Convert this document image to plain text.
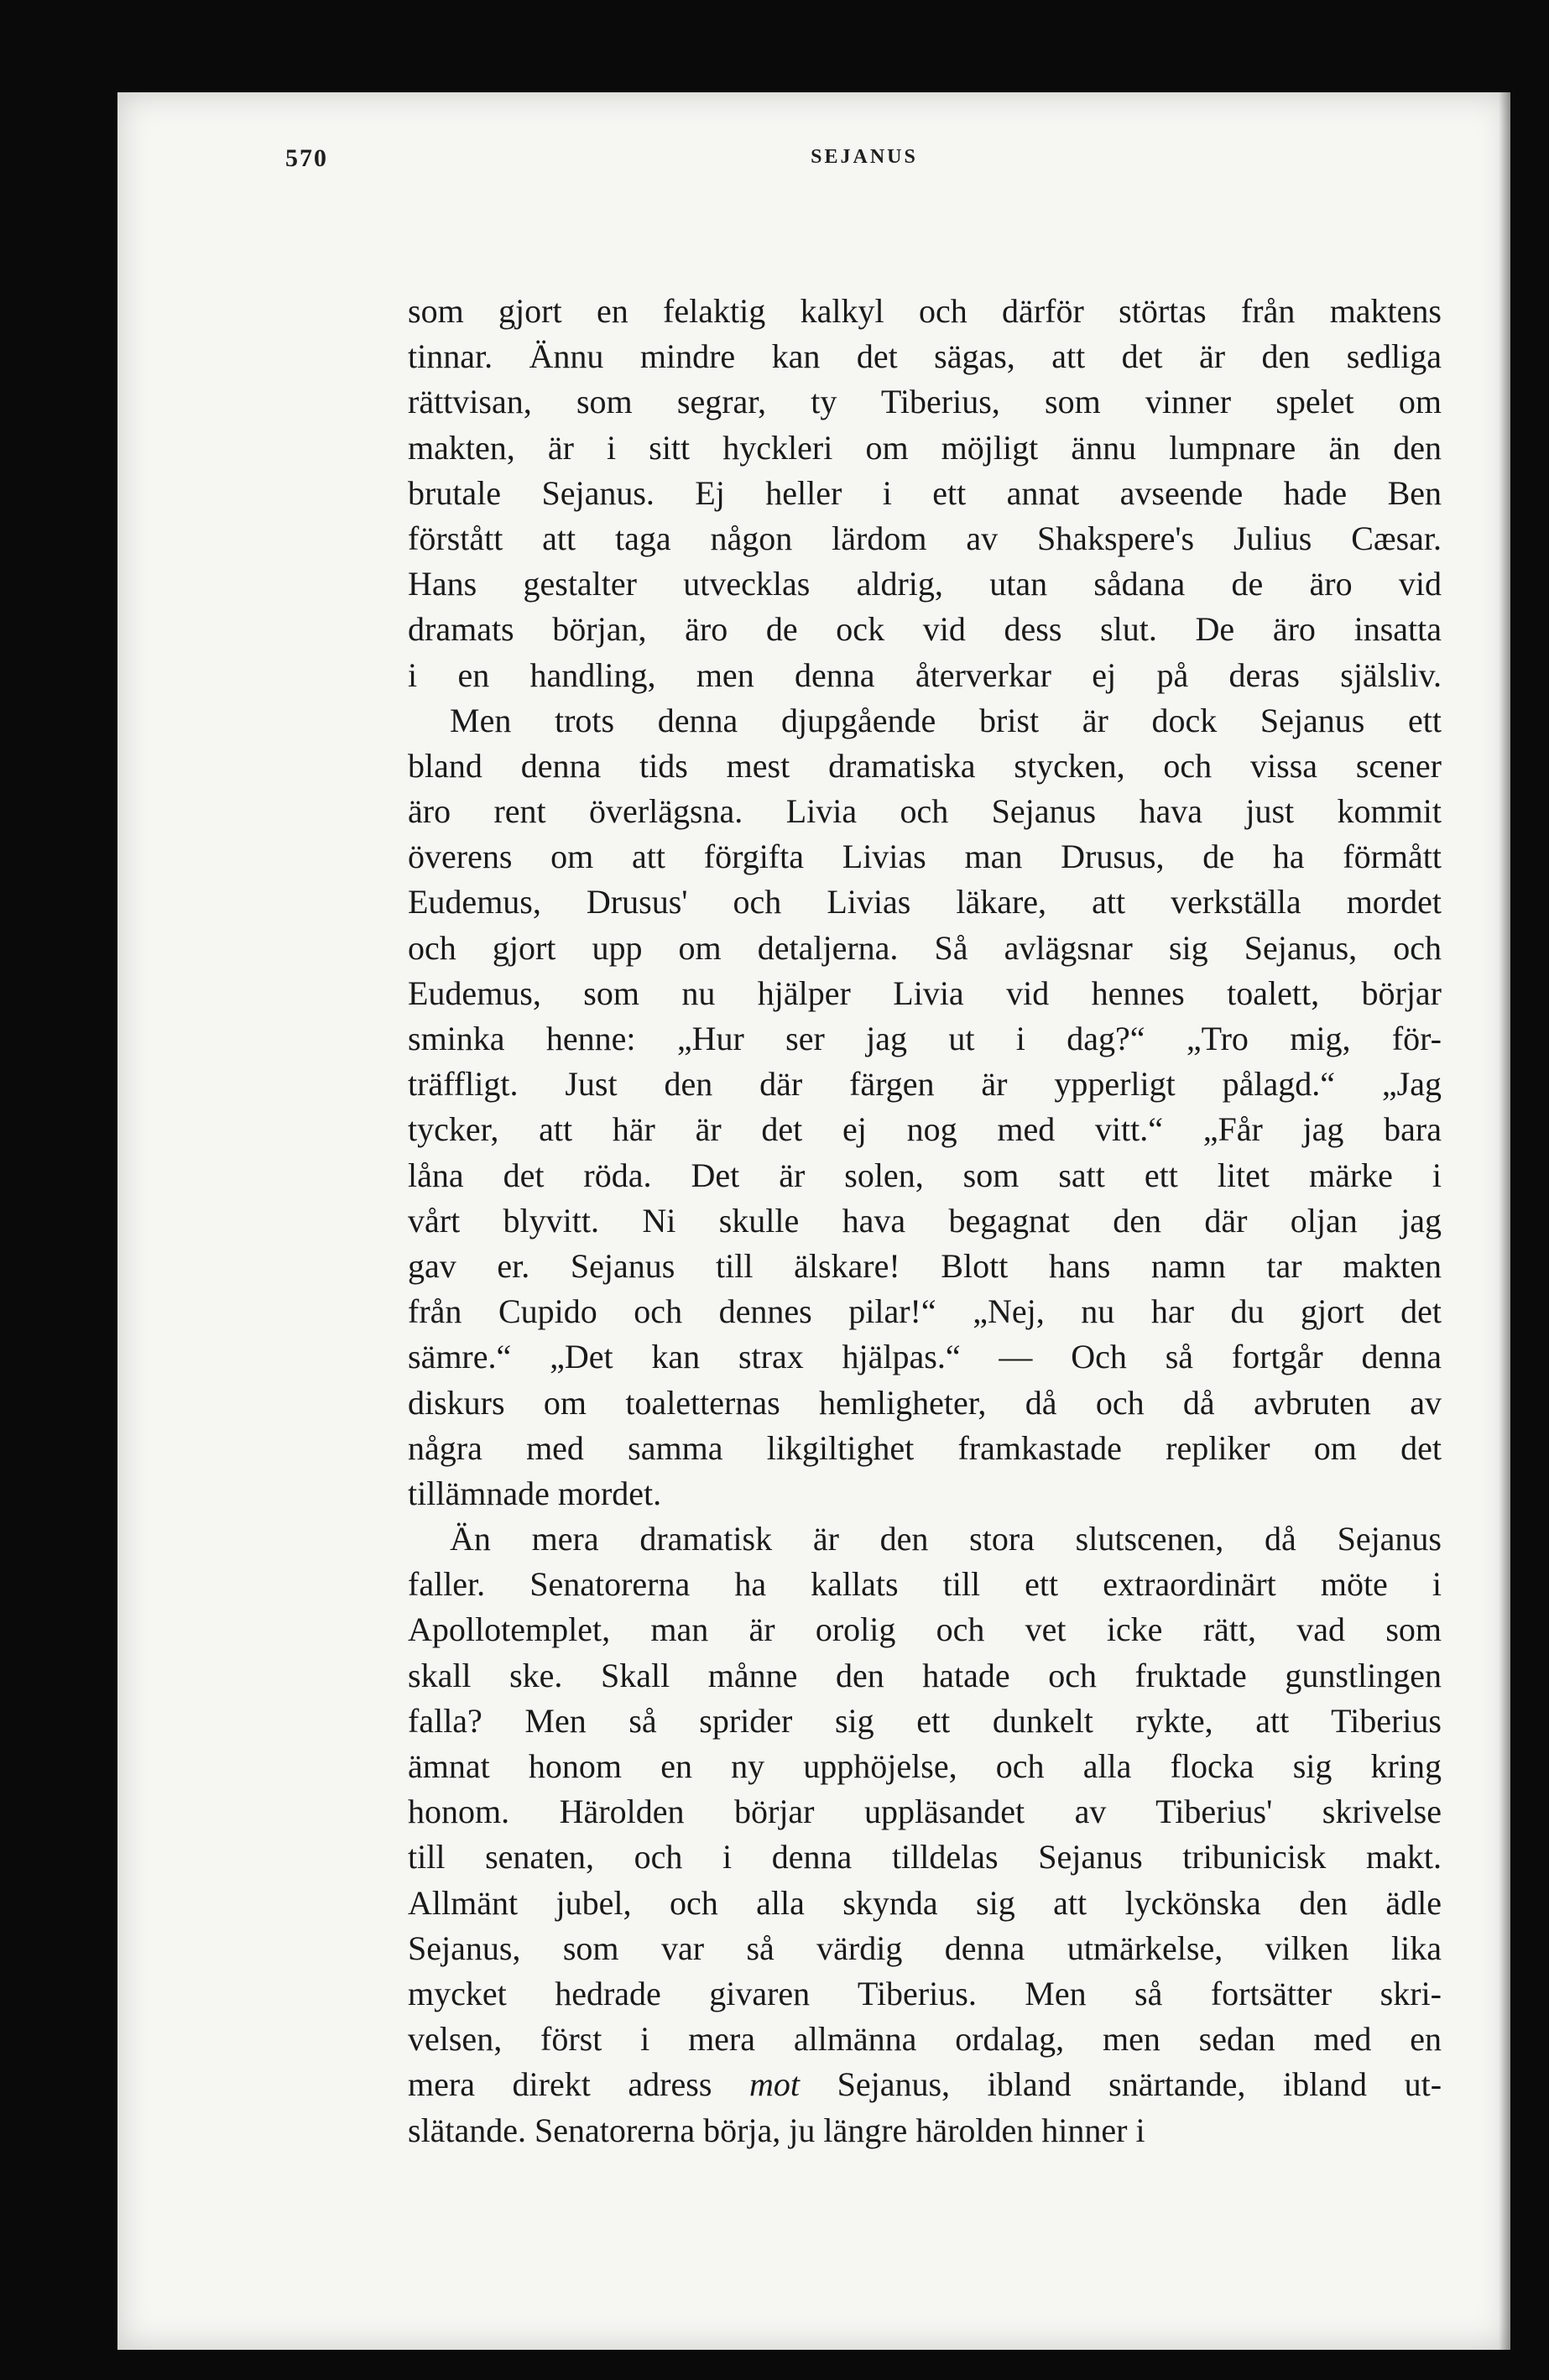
570	SEJANUS
som gjort en felaktig kalkyl och därför störtas från maktens
tinnar. Ännu mindre kan det sägas, att det är den sedliga
rättvisan, som segrar, ty Tiberius, som vinner spelet om
makten, är i sitt hyckleri om möjligt ännu lumpnare än den
brutale Sejanus. Ej heller i ett annat avseende hade Ben
förstått att taga någon lärdom av Shakspere's Julius Cæsar.
Hans gestalter utvecklas aldrig, utan sådana de äro vid
dramats början, äro de ock vid dess slut. De äro insatta
i en handling, men denna återverkar ej på deras själsliv.
Men trots denna djupgående brist är dock Sejanus ett
bland denna tids mest dramatiska stycken, och vissa scener
äro rent överlägsna. Livia och Sejanus hava just kommit
överens om att förgifta Livias man Drusus, de ha förmått
Eudemus, Drusus' och Livias läkare, att verkställa mordet
och gjort upp om detaljerna. Så avlägsnar sig Sejanus, och
Eudemus, som nu hjälper Livia vid hennes toalett, börjar
sminka henne: „Hur ser jag ut i dag?“ „Tro mig, för-
träffligt. Just den där färgen är ypperligt pålagd.“ „Jag
tycker, att här är det ej nog med vitt.“ „Får jag bara
låna det röda. Det är solen, som satt ett litet märke i
vårt blyvitt. Ni skulle hava begagnat den där oljan jag
gav er. Sejanus till älskare! Blott hans namn tar makten
från Cupido och dennes pilar!“ „Nej, nu har du gjort det
sämre.“ „Det kan strax hjälpas.“ — Och så fortgår denna
diskurs om toaletternas hemligheter, då och då avbruten av
några med samma likgiltighet framkastade repliker om det
tillämnade mordet.
Än mera dramatisk är den stora slutscenen, då Sejanus
faller. Senatorerna ha kallats till ett extraordinärt möte i
Apollotemplet, man är orolig och vet icke rätt, vad som
skall ske. Skall månne den hatade och fruktade gunstlingen
falla? Men så sprider sig ett dunkelt rykte, att Tiberius
ämnat honom en ny upphöjelse, och alla flocka sig kring
honom. Härolden börjar uppläsandet av Tiberius' skrivelse
till senaten, och i denna tilldelas Sejanus tribunicisk makt.
Allmänt jubel, och alla skynda sig att lyckönska den ädle
Sejanus, som var så värdig denna utmärkelse, vilken lika
mycket hedrade givaren Tiberius. Men så fortsätter skri-
velsen, först i mera allmänna ordalag, men sedan med en
mera direkt adress mot Sejanus, ibland snärtande, ibland ut-
slätande. Senatorerna börja, ju längre härolden hinner i
